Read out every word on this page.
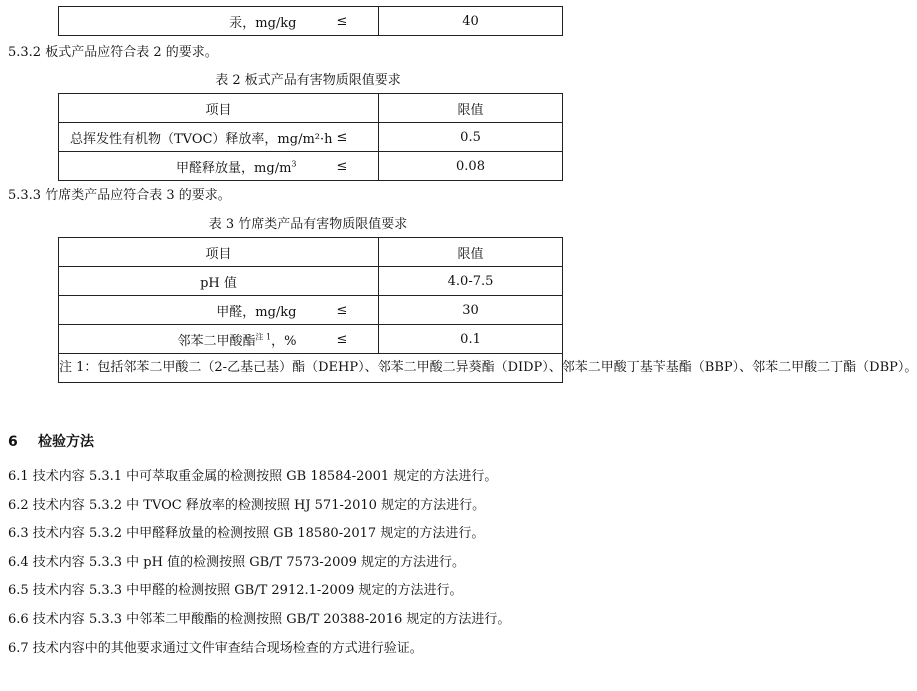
汞，mg/kg	≤	40
5.3.2 板式产品应符合表 2 的要求。
表 2 板式产品有害物质限值要求
项目		限值
总挥发性有机物（TVOC）释放率，mg/m²·h	≤	0.5
甲醛释放量，$mg/m^3$	≤	0.08
5.3.3 竹席类产品应符合表 3 的要求。
表 3 竹席类产品有害物质限值要求
项目		限值
pH 值		4.0-7.5
甲醛，mg/kg	≤	30
邻苯二甲酸酯$^{注 1}$，%	≤	0.1
注 1：包括邻苯二甲酸二（2-乙基己基）酯（DEHP）、邻苯二甲酸二异葵酯（DIDP）、邻苯二甲酸丁基苄基酯（BBP）、邻苯二甲酸二丁酯（DBP）。		
6 检验方法
6.1 技术内容 5.3.1 中可萃取重金属的检测按照 GB 18584-2001 规定的方法进行。
6.2 技术内容 5.3.2 中 TVOC 释放率的检测按照 HJ 571-2010 规定的方法进行。
6.3 技术内容 5.3.2 中甲醛释放量的检测按照 GB 18580-2017 规定的方法进行。
6.4 技术内容 5.3.3 中 pH 值的检测按照 GB/T 7573-2009 规定的方法进行。
6.5 技术内容 5.3.3 中甲醛的检测按照 GB/T 2912.1-2009 规定的方法进行。
6.6 技术内容 5.3.3 中邻苯二甲酸酯的检测按照 GB/T 20388-2016 规定的方法进行。
6.7 技术内容中的其他要求通过文件审查结合现场检查的方式进行验证。
